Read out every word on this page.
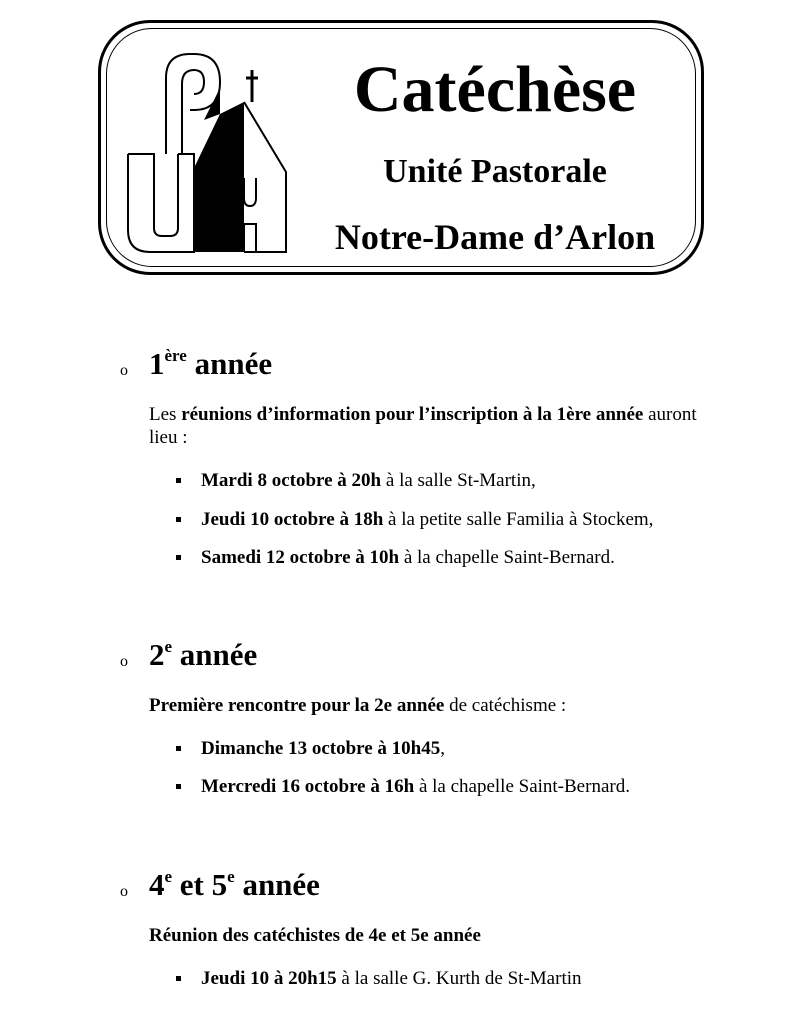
Catéchèse
Unité Pastorale
Notre-Dame d’Arlon
o 1ère année

Les réunions d’information pour l’inscription à la 1ère année auront lieu :

Mardi 8 octobre à 20h à la salle St-Martin,
Jeudi 10 octobre à 18h à la petite salle Familia à Stockem,
Samedi 12 octobre à 10h à la chapelle Saint-Bernard.
o 2e année

Première rencontre pour la 2e année de catéchisme :

Dimanche 13 octobre à 10h45,
Mercredi 16 octobre à 16h à la chapelle Saint-Bernard.
o 4e et 5e année

Réunion des catéchistes de 4e et 5e année

Jeudi 10 à 20h15 à la salle G. Kurth de St-Martin
